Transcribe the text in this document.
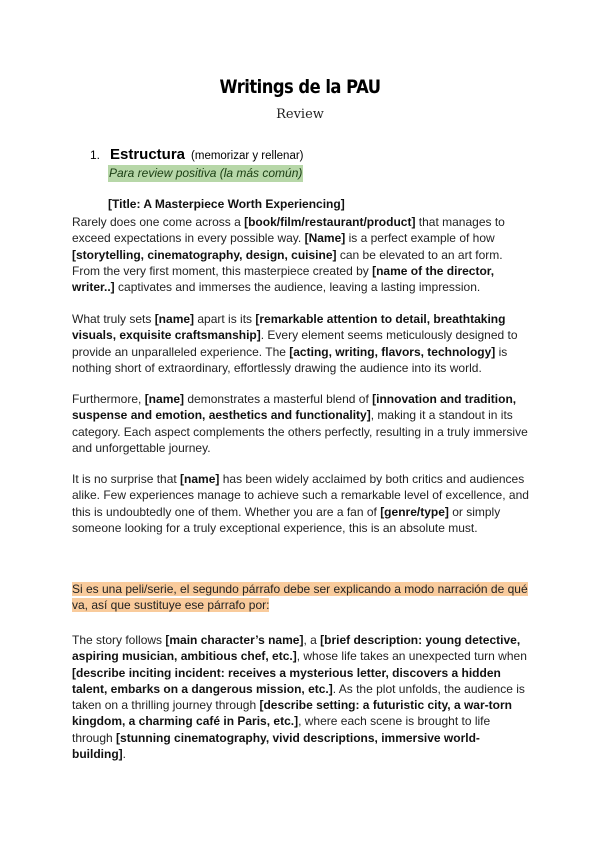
Writings de la PAU
Review
1. Estructura (memorizar y rellenar)
Para review positiva (la más común)
[Title: A Masterpiece Worth Experiencing]
Rarely does one come across a [book/film/restaurant/product] that manages to exceed expectations in every possible way. [Name] is a perfect example of how [storytelling, cinematography, design, cuisine] can be elevated to an art form. From the very first moment, this masterpiece created by [name of the director, writer..] captivates and immerses the audience, leaving a lasting impression.
What truly sets [name] apart is its [remarkable attention to detail, breathtaking visuals, exquisite craftsmanship]. Every element seems meticulously designed to provide an unparalleled experience. The [acting, writing, flavors, technology] is nothing short of extraordinary, effortlessly drawing the audience into its world.
Furthermore, [name] demonstrates a masterful blend of [innovation and tradition, suspense and emotion, aesthetics and functionality], making it a standout in its category. Each aspect complements the others perfectly, resulting in a truly immersive and unforgettable journey.
It is no surprise that [name] has been widely acclaimed by both critics and audiences alike. Few experiences manage to achieve such a remarkable level of excellence, and this is undoubtedly one of them. Whether you are a fan of [genre/type] or simply someone looking for a truly exceptional experience, this is an absolute must.
Si es una peli/serie, el segundo párrafo debe ser explicando a modo narración de qué va, así que sustituye ese párrafo por:
The story follows [main character’s name], a [brief description: young detective, aspiring musician, ambitious chef, etc.], whose life takes an unexpected turn when [describe inciting incident: receives a mysterious letter, discovers a hidden talent, embarks on a dangerous mission, etc.]. As the plot unfolds, the audience is taken on a thrilling journey through [describe setting: a futuristic city, a war-torn kingdom, a charming café in Paris, etc.], where each scene is brought to life through [stunning cinematography, vivid descriptions, immersive world-building].
